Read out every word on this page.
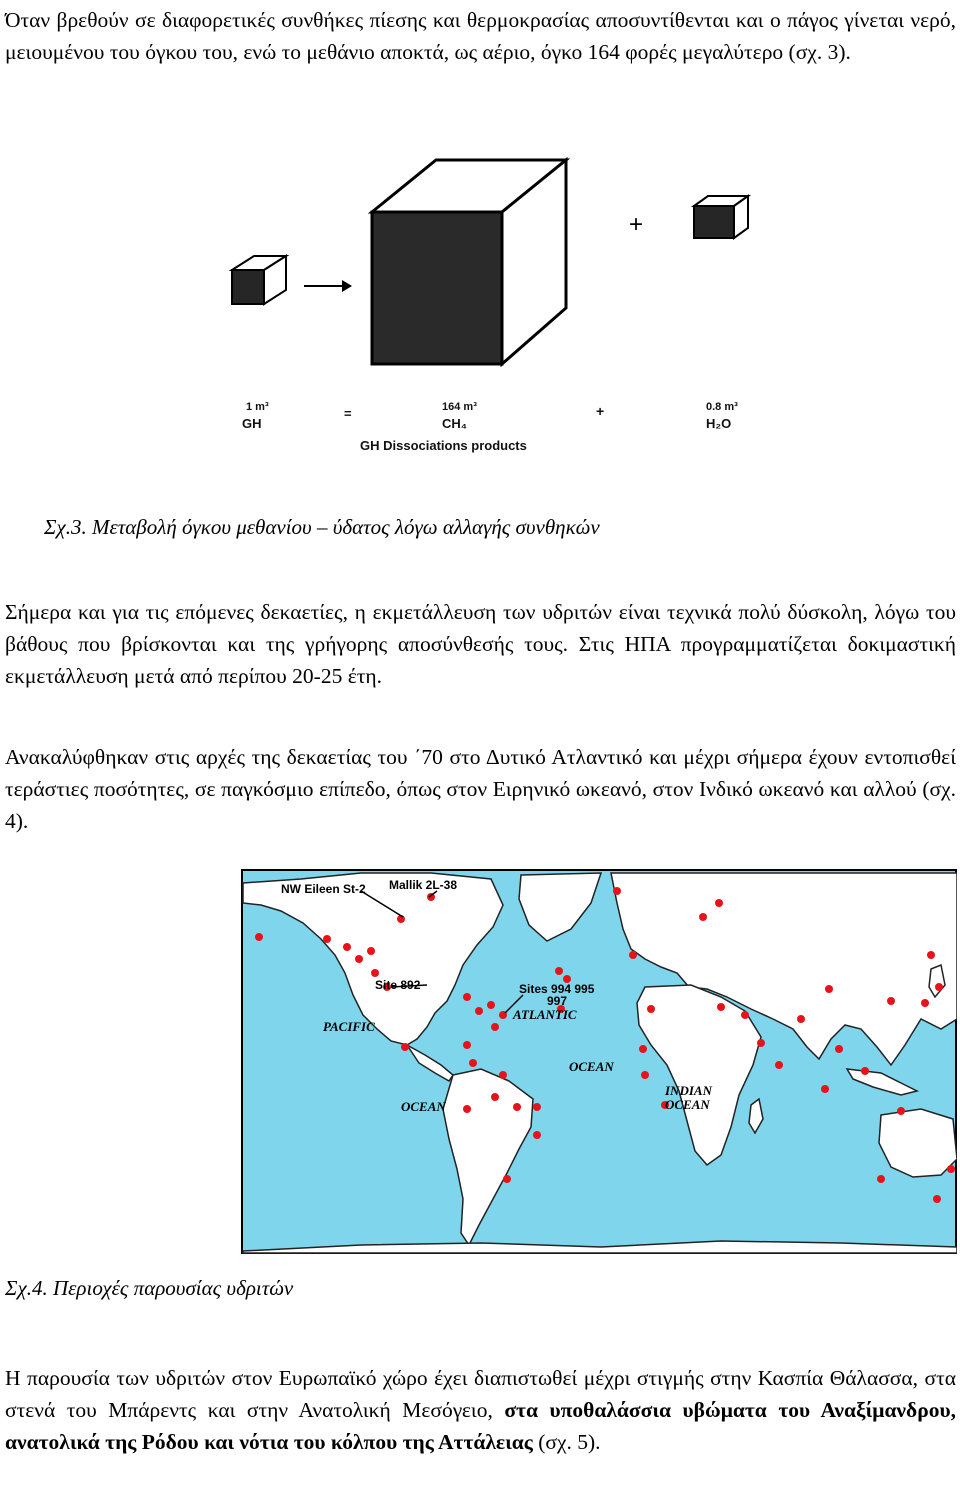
Όταν βρεθούν σε διαφορετικές συνθήκες πίεσης και θερμοκρασίας αποσυντίθενται και ο πάγος γίνεται νερό, μειουμένου του όγκου του, ενώ το μεθάνιο αποκτά, ως αέριο, όγκο 164 φορές μεγαλύτερο (σχ. 3).

+
1 m³
GH
=	164 m³
CH₄
+	0.8 m³
H₂O
GH Dissociations products

Σχ.3. Μεταβολή όγκου μεθανίου – ύδατος λόγω αλλαγής συνθηκών

Σήμερα και για τις επόμενες δεκαετίες, η εκμετάλλευση των υδριτών είναι τεχνικά πολύ δύσκολη, λόγω του βάθους που βρίσκονται και της γρήγορης αποσύνθεσής τους. Στις ΗΠΑ προγραμματίζεται δοκιμαστική εκμετάλλευση μετά από περίπου 20-25 έτη.

Ανακαλύφθηκαν στις αρχές της δεκαετίας του ΄70 στο Δυτικό Ατλαντικό και μέχρι σήμερα έχουν εντοπισθεί τεράστιες ποσότητες, σε παγκόσμιο επίπεδο, όπως στον Ειρηνικό ωκεανό, στον Ινδικό ωκεανό και αλλού (σχ. 4).

NW Eileen St-2 Mallik 2L-38
Site 892	Sites 994 995
997
PACIFIC
OCEAN
ATLANTIC
OCEAN
INDIAN
OCEAN

Σχ.4. Περιοχές παρουσίας υδριτών

Η παρουσία των υδριτών στον Ευρωπαϊκό χώρο έχει διαπιστωθεί μέχρι στιγμής στην Κασπία Θάλασσα, στα στενά του Μπάρεντς και στην Ανατολική Μεσόγειο, στα υποθαλάσσια υβώματα του Αναξίμανδρου, ανατολικά της Ρόδου και νότια του κόλπου της Αττάλειας (σχ. 5).
